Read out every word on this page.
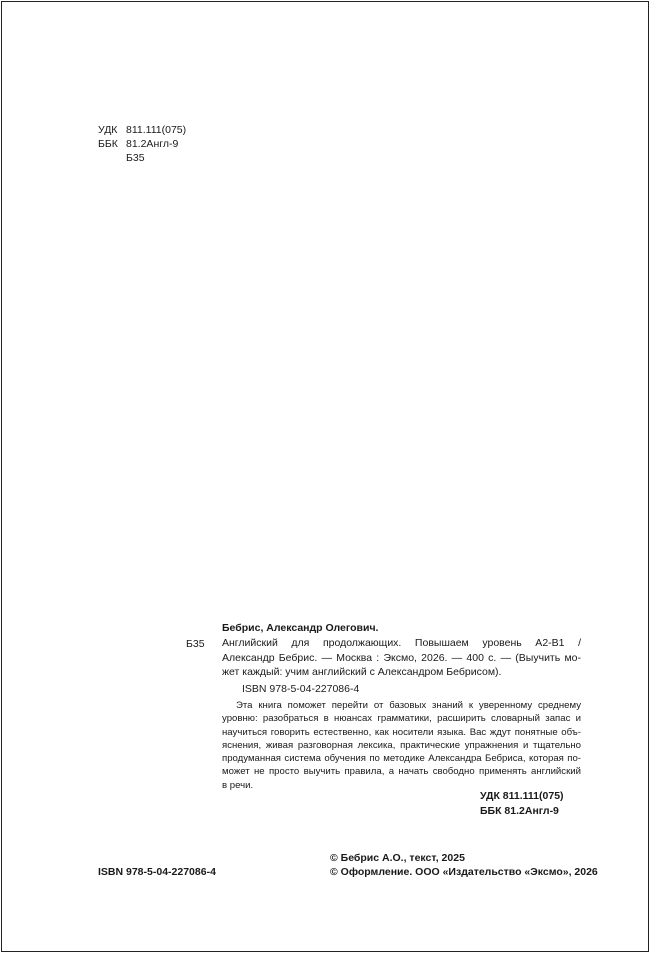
УДК 811.111(075)
ББК 81.2Англ-9
Б35
Бебрис, Александр Олегович.
Б35 Английский для продолжающих. Повышаем уровень А2-В1 /
Александр Бебрис. — Москва : Эксмо, 2026. — 400 с. — (Выучить мо-
жет каждый: учим английский с Александром Бебрисом).
ISBN 978-5-04-227086-4
Эта книга поможет перейти от базовых знаний к уверенному среднему
уровню: разобраться в нюансах грамматики, расширить словарный запас и
научиться говорить естественно, как носители языка. Вас ждут понятные объ-
яснения, живая разговорная лексика, практические упражнения и тщательно
продуманная система обучения по методике Александра Бебриса, которая по-
может не просто выучить правила, а начать свободно применять английский
в речи.
УДК 811.111(075)
ББК 81.2Англ-9
ISBN 978-5-04-227086-4
© Бебрис А.О., текст, 2025
© Оформление. ООО «Издательство «Эксмо», 2026
